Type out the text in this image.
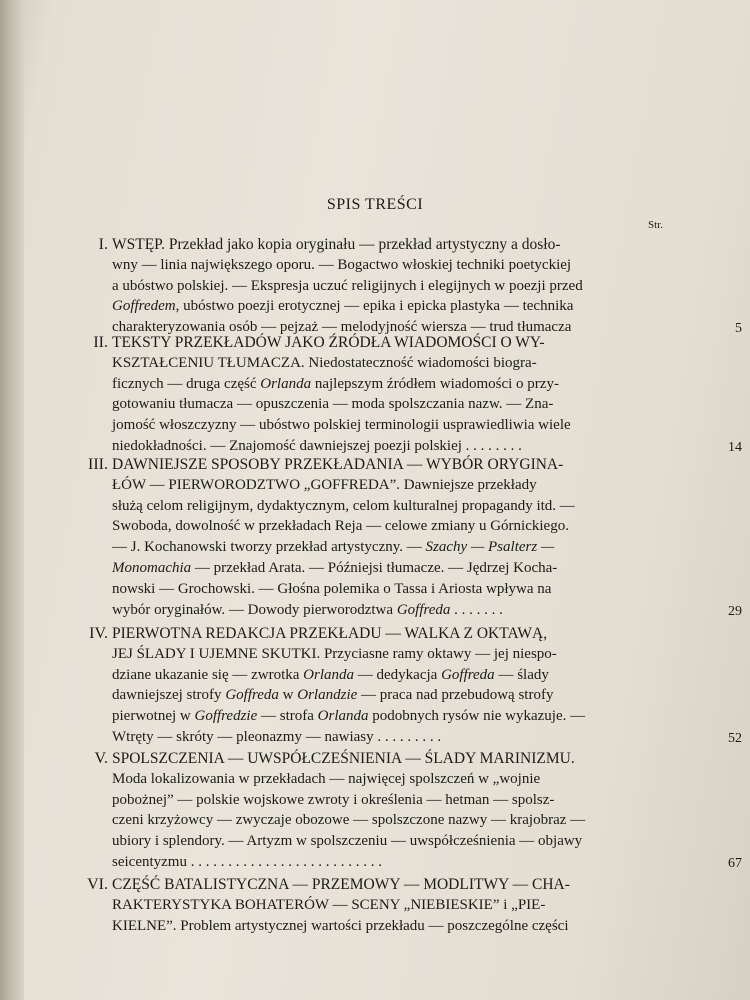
SPIS TREŚCI
Str.
I. WSTĘP. Przekład jako kopia oryginału — przekład artystyczny a dosło-
wny — linia największego oporu. — Bogactwo włoskiej techniki poetyckiej
a ubóstwo polskiej. — Ekspresja uczuć religijnych i elegijnych w poezji przed
Goffredem, ubóstwo poezji erotycznej — epika i epicka plastyka — technika
charakteryzowania osób — pejzaż — melodyjność wiersza — trud tłumacza	5
II. TEKSTY PRZEKŁADÓW JAKO ŹRÓDŁA WIADOMOŚCI O WY-
KSZTAŁCENIU TŁUMACZA. Niedostateczność wiadomości biogra-
ficznych — druga część Orlanda najlepszym źródłem wiadomości o przy-
gotowaniu tłumacza — opuszczenia — moda spolszczania nazw. — Zna-
jomość włoszczyzny — ubóstwo polskiej terminologii usprawiedliwia wiele
niedokładności. — Znajomość dawniejszej poezji polskiej . . . . . . . .	14
III. DAWNIEJSZE SPOSOBY PRZEKŁADANIA — WYBÓR ORYGINA-
ŁÓW — PIERWORODZTWO „GOFFREDA”. Dawniejsze przekłady
służą celom religijnym, dydaktycznym, celom kulturalnej propagandy itd. —
Swoboda, dowolność w przekładach Reja — celowe zmiany u Górnickiego.
— J. Kochanowski tworzy przekład artystyczny. — Szachy — Psalterz —
Monomachia — przekład Arata. — Późniejsi tłumacze. — Jędrzej Kocha-
nowski — Grochowski. — Głośna polemika o Tassa i Ariosta wpływa na
wybór oryginałów. — Dowody pierworodztwa Goffreda . . . . . . .	29
IV. PIERWOTNA REDAKCJA PRZEKŁADU — WALKA Z OKTAWĄ,
JEJ ŚLADY I UJEMNE SKUTKI. Przyciasne ramy oktawy — jej niespo-
dziane ukazanie się — zwrotka Orlanda — dedykacja Goffreda — ślady
dawniejszej strofy Goffreda w Orlandzie — praca nad przebudową strofy
pierwotnej w Goffredzie — strofa Orlanda podobnych rysów nie wykazuje. —
Wtręty — skróty — pleonazmy — nawiasy . . . . . . . . .	52
V. SPOLSZCZENIA — UWSPÓŁCZEŚNIENIA — ŚLADY MARINIZMU.
Moda lokalizowania w przekładach — najwięcej spolszczeń w „wojnie
pobożnej” — polskie wojskowe zwroty i określenia — hetman — spolsz-
czeni krzyżowcy — zwyczaje obozowe — spolszczone nazwy — krajobraz —
ubiory i splendory. — Artyzm w spolszczeniu — uwspółcześnienia — objawy
seicentyzmu . . . . . . . . . . . . . . . . . . . . . . . . . .	67
VI. CZĘŚĆ BATALISTYCZNA — PRZEMOWY — MODLITWY — CHA-
RAKTERYSTYKA BOHATERÓW — SCENY „NIEBIESKIE” i „PIE-
KIELNE”. Problem artystycznej wartości przekładu — poszczególne części
